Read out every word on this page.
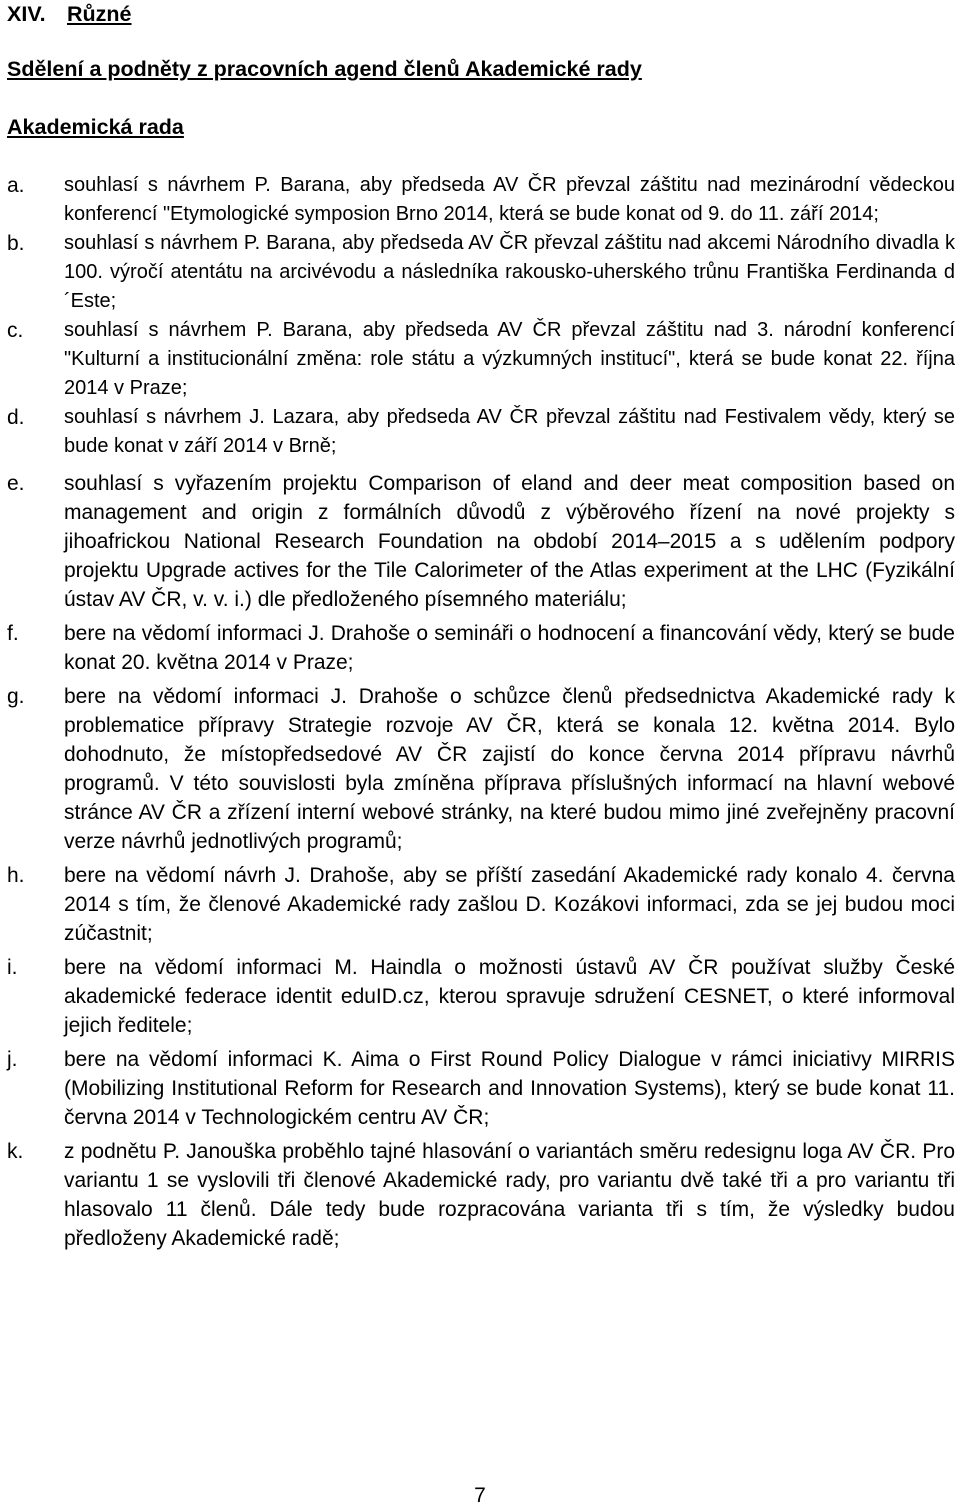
XIV. Různé
Sdělení a podněty z pracovních agend členů Akademické rady
Akademická rada
a. souhlasí s návrhem P. Barana, aby předseda AV ČR převzal záštitu nad mezinárodní vědeckou konferencí "Etymologické symposion Brno 2014, která se bude konat od 9. do 11. září 2014;
b. souhlasí s návrhem P. Barana, aby předseda AV ČR převzal záštitu nad akcemi Národního divadla k 100. výročí atentátu na arcivévodu a následníka rakousko-uherského trůnu Františka Ferdinanda d´Este;
c. souhlasí s návrhem P. Barana, aby předseda AV ČR převzal záštitu nad 3. národní konferencí "Kulturní a institucionální změna: role státu a výzkumných institucí", která se bude konat 22. října 2014 v Praze;
d. souhlasí s návrhem J. Lazara, aby předseda AV ČR převzal záštitu nad Festivalem vědy, který se bude konat v září 2014 v Brně;
e. souhlasí s vyřazením projektu Comparison of eland and deer meat composition based on management and origin z formálních důvodů z výběrového řízení na nové projekty s jihoafrickou National Research Foundation na období 2014–2015 a s udělením podpory projektu Upgrade actives for the Tile Calorimeter of the Atlas experiment at the LHC (Fyzikální ústav AV ČR, v. v. i.) dle předloženého písemného materiálu;
f. bere na vědomí informaci J. Drahoše o semináři o hodnocení a financování vědy, který se bude konat 20. května 2014 v Praze;
g. bere na vědomí informaci J. Drahoše o schůzce členů předsednictva Akademické rady k problematice přípravy Strategie rozvoje AV ČR, která se konala 12. května 2014. Bylo dohodnuto, že místopředsedové AV ČR zajistí do konce června 2014 přípravu návrhů programů. V této souvislosti byla zmíněna příprava příslušných informací na hlavní webové stránce AV ČR a zřízení interní webové stránky, na které budou mimo jiné zveřejněny pracovní verze návrhů jednotlivých programů;
h. bere na vědomí návrh J. Drahoše, aby se příští zasedání Akademické rady konalo 4. června 2014 s tím, že členové Akademické rady zašlou D. Kozákovi informaci, zda se jej budou moci zúčastnit;
i. bere na vědomí informaci M. Haindla o možnosti ústavů AV ČR používat služby České akademické federace identit eduID.cz, kterou spravuje sdružení CESNET, o které informoval jejich ředitele;
j. bere na vědomí informaci K. Aima o First Round Policy Dialogue v rámci iniciativy MIRRIS (Mobilizing Institutional Reform for Research and Innovation Systems), který se bude konat 11. června 2014 v Technologickém centru AV ČR;
k. z podnětu P. Janouška proběhlo tajné hlasování o variantách směru redesignu loga AV ČR. Pro variantu 1 se vyslovili tři členové Akademické rady, pro variantu dvě také tři a pro variantu tři hlasovalo 11 členů. Dále tedy bude rozpracována varianta tři s tím, že výsledky budou předloženy Akademické radě;
7
